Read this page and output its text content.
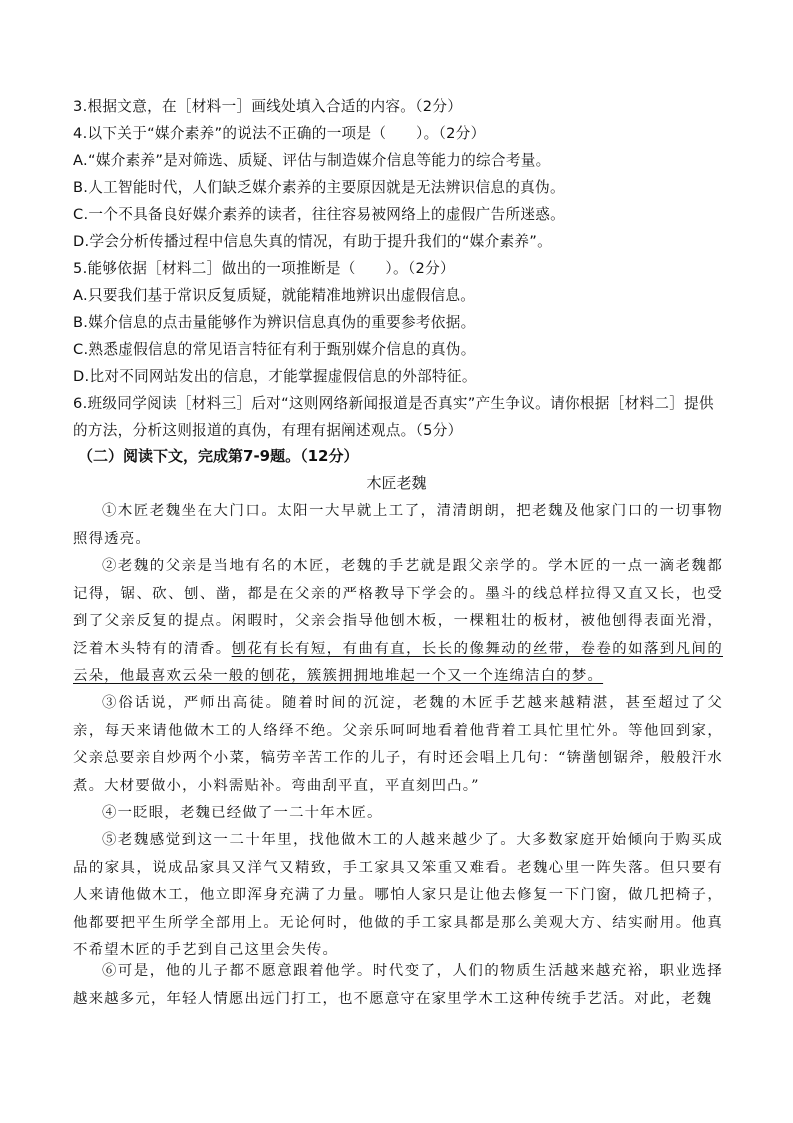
3.根据文意，在［材料一］画线处填入合适的内容。（2分）
4.以下关于“媒介素养”的说法不正确的一项是（　　）。（2分）
A.“媒介素养”是对筛选、质疑、评估与制造媒介信息等能力的综合考量。
B.人工智能时代，人们缺乏媒介素养的主要原因就是无法辨识信息的真伪。
C.一个不具备良好媒介素养的读者，往往容易被网络上的虚假广告所迷惑。
D.学会分析传播过程中信息失真的情况，有助于提升我们的“媒介素养”。
5.能够依据［材料二］做出的一项推断是（　　）。（2分）
A.只要我们基于常识反复质疑，就能精准地辨识出虚假信息。
B.媒介信息的点击量能够作为辨识信息真伪的重要参考依据。
C.熟悉虚假信息的常见语言特征有利于甄别媒介信息的真伪。
D.比对不同网站发出的信息，才能掌握虚假信息的外部特征。
6.班级同学阅读［材料三］后对“这则网络新闻报道是否真实”产生争议。请你根据［材料二］提供的方法，分析这则报道的真伪，有理有据阐述观点。（5分）
（二）阅读下文，完成第7-9题。（12分）
木匠老魏
①木匠老魏坐在大门口。太阳一大早就上工了，清清朗朗，把老魏及他家门口的一切事物照得透亮。
②老魏的父亲是当地有名的木匠，老魏的手艺就是跟父亲学的。学木匠的一点一滴老魏都记得，锯、砍、刨、凿，都是在父亲的严格教导下学会的。墨斗的线总样拉得又直又长，也受到了父亲反复的提点。闲暇时，父亲会指导他刨木板，一棵粗壮的板材，被他刨得表面光滑，泛着木头特有的清香。刨花有长有短，有曲有直，长长的像舞动的丝带，卷卷的如落到凡间的云朵，他最喜欢云朵一般的刨花，簇簇拥拥地堆起一个又一个连绵洁白的梦。
③俗话说，严师出高徒。随着时间的沉淀，老魏的木匠手艺越来越精湛，甚至超过了父亲，每天来请他做木工的人络绎不绝。父亲乐呵呵地看着他背着工具忙里忙外。等他回到家，父亲总要亲自炒两个小菜，犒劳辛苦工作的儿子，有时还会唱上几句：“锛凿刨锯斧，般般汗水煮。大材要做小，小料需贴补。弯曲刮平直，平直刻凹凸。”
④一眨眼，老魏已经做了一二十年木匠。
⑤老魏感觉到这一二十年里，找他做木工的人越来越少了。大多数家庭开始倾向于购买成品的家具，说成品家具又洋气又精致，手工家具又笨重又难看。老魏心里一阵失落。但只要有人来请他做木工，他立即浑身充满了力量。哪怕人家只是让他去修复一下门窗，做几把椅子，他都要把平生所学全部用上。无论何时，他做的手工家具都是那么美观大方、结实耐用。他真不希望木匠的手艺到自己这里会失传。
⑥可是，他的儿子都不愿意跟着他学。时代变了，人们的物质生活越来越充裕，职业选择越来越多元，年轻人情愿出远门打工，也不愿意守在家里学木工这种传统手艺活。对此，老魏
